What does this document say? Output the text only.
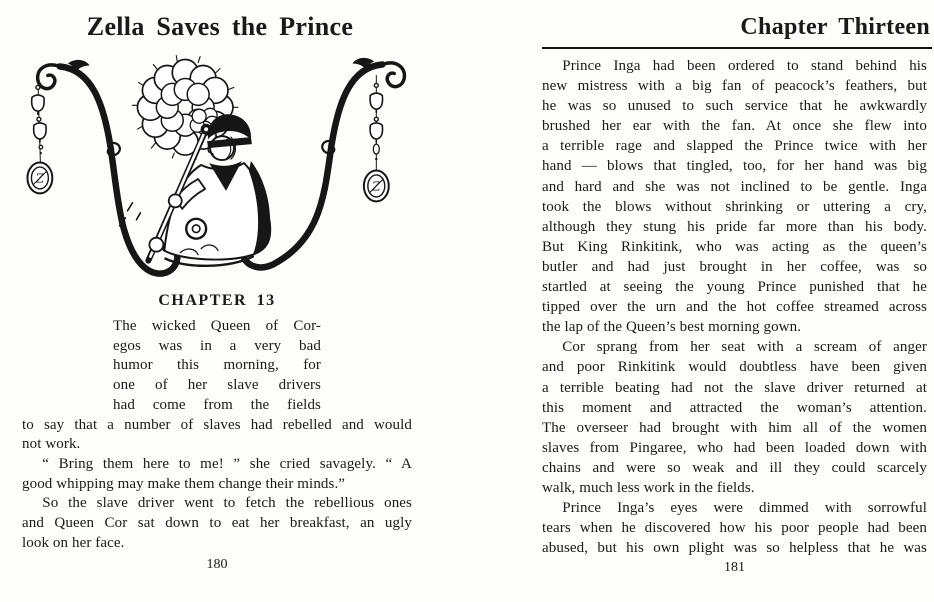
Zella Saves the Prince
Z
Z
CHAPTER 13
The wicked Queen of Cor-
egos was in a very bad
humor this morning, for
one of her slave drivers
had come from the fields
to say that a number of slaves had rebelled and would
not work.
“ Bring them here to me! ” she cried savagely. “ A
good whipping may make them change their minds.”
So the slave driver went to fetch the rebellious ones
and Queen Cor sat down to eat her breakfast, an ugly
look on her face.
180
Chapter Thirteen
Prince Inga had been ordered to stand behind his
new mistress with a big fan of peacock’s feathers, but
he was so unused to such service that he awkwardly
brushed her ear with the fan. At once she flew into
a terrible rage and slapped the Prince twice with her
hand — blows that tingled, too, for her hand was big
and hard and she was not inclined to be gentle. Inga
took the blows without shrinking or uttering a cry,
although they stung his pride far more than his body.
But King Rinkitink, who was acting as the queen’s
butler and had just brought in her coffee, was so
startled at seeing the young Prince punished that he
tipped over the urn and the hot coffee streamed across
the lap of the Queen’s best morning gown.
Cor sprang from her seat with a scream of anger
and poor Rinkitink would doubtless have been given
a terrible beating had not the slave driver returned at
this moment and attracted the woman’s attention.
The overseer had brought with him all of the women
slaves from Pingaree, who had been loaded down with
chains and were so weak and ill they could scarcely
walk, much less work in the fields.
Prince Inga’s eyes were dimmed with sorrowful
tears when he discovered how his poor people had been
abused, but his own plight was so helpless that he was
181
